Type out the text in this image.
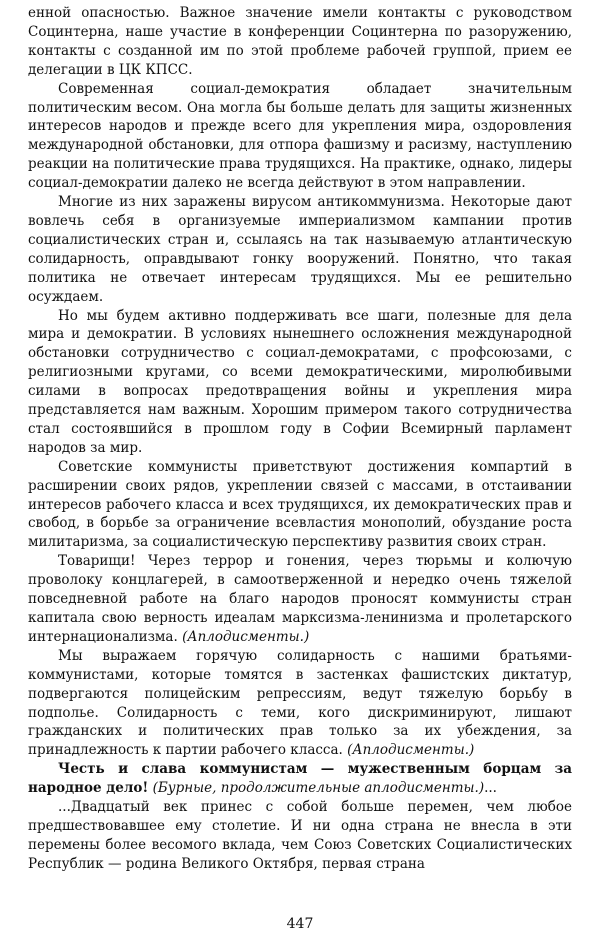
енной опасностью. Важное значение имели контакты с руководством Социнтерна, наше участие в конференции Социнтерна по разоружению, контакты с созданной им по этой проблеме рабочей группой, прием ее делегации в ЦК КПСС.

Современная социал-демократия обладает значительным политическим весом. Она могла бы больше делать для защиты жизненных интересов народов и прежде всего для укрепления мира, оздоровления международной обстановки, для отпора фашизму и расизму, наступлению реакции на политические права трудящихся. На практике, однако, лидеры социал-демократии далеко не всегда действуют в этом направлении.

Многие из них заражены вирусом антикоммунизма. Некоторые дают вовлечь себя в организуемые империализмом кампании против социалистических стран и, ссылаясь на так называемую атлантическую солидарность, оправдывают гонку вооружений. Понятно, что такая политика не отвечает интересам трудящихся. Мы ее решительно осуждаем.

Но мы будем активно поддерживать все шаги, полезные для дела мира и демократии. В условиях нынешнего осложнения международной обстановки сотрудничество с социал-демократами, с профсоюзами, с религиозными кругами, со всеми демократическими, миролюбивыми силами в вопросах предотвращения войны и укрепления мира представляется нам важным. Хорошим примером такого сотрудничества стал состоявшийся в прошлом году в Софии Всемирный парламент народов за мир.

Советские коммунисты приветствуют достижения компартий в расширении своих рядов, укреплении связей с массами, в отстаивании интересов рабочего класса и всех трудящихся, их демократических прав и свобод, в борьбе за ограничение всевластия монополий, обуздание роста милитаризма, за социалистическую перспективу развития своих стран.

Товарищи! Через террор и гонения, через тюрьмы и колючую проволоку концлагерей, в самоотверженной и нередко очень тяжелой повседневной работе на благо народов проносят коммунисты стран капитала свою верность идеалам марксизма-ленинизма и пролетарского интернационализма. (Аплодисменты.)

Мы выражаем горячую солидарность с нашими братьями-коммунистами, которые томятся в застенках фашистских диктатур, подвергаются полицейским репрессиям, ведут тяжелую борьбу в подполье. Солидарность с теми, кого дискриминируют, лишают гражданских и политических прав только за их убеждения, за принадлежность к партии рабочего класса. (Аплодисменты.)

Честь и слава коммунистам — мужественным борцам за народное дело! (Бурные, продолжительные аплодисменты.)...

...Двадцатый век принес с собой больше перемен, чем любое предшествовавшее ему столетие. И ни одна страна не внесла в эти перемены более весомого вклада, чем Союз Советских Социалистических Республик — родина Великого Октября, первая страна

447
